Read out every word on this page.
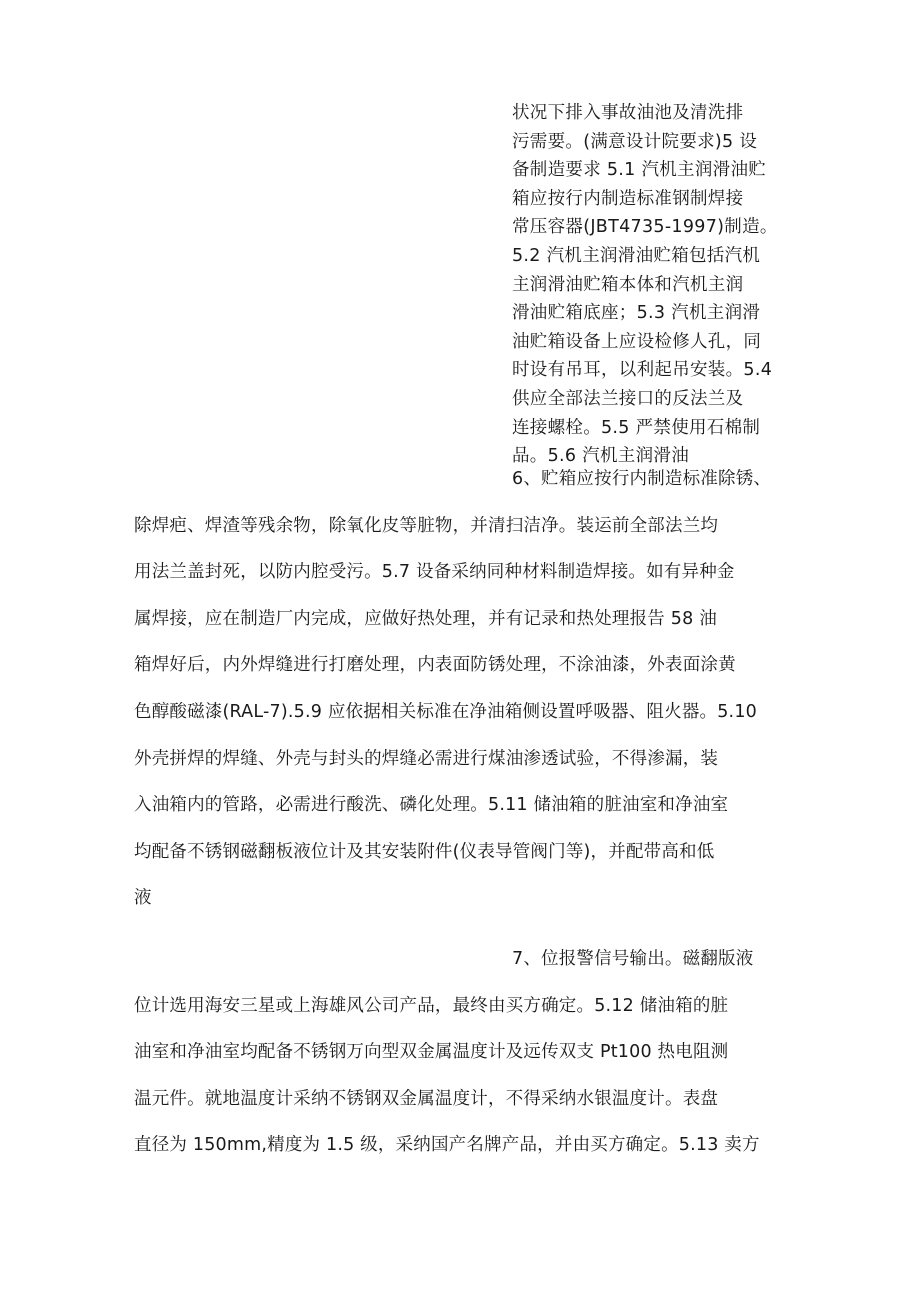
状况下排入事故油池及清洗排
污需要。(满意设计院要求)5 设
备制造要求 5.1 汽机主润滑油贮
箱应按行内制造标准钢制焊接
常压容器(JBT4735-1997)制造。
5.2 汽机主润滑油贮箱包括汽机
主润滑油贮箱本体和汽机主润
滑油贮箱底座；5.3 汽机主润滑
油贮箱设备上应设检修人孔，同
时设有吊耳，以利起吊安装。5.4
供应全部法兰接口的反法兰及
连接螺栓。5.5 严禁使用石棉制
品。5.6 汽机主润滑油
6、贮箱应按行内制造标准除锈、
除焊疤、焊渣等残余物，除氧化皮等脏物，并清扫洁净。装运前全部法兰均
用法兰盖封死，以防内腔受污。5.7 设备采纳同种材料制造焊接。如有异种金
属焊接，应在制造厂内完成，应做好热处理，并有记录和热处理报告 58 油
箱焊好后，内外焊缝进行打磨处理，内表面防锈处理，不涂油漆，外表面涂黄
色醇酸磁漆(RAL-7).5.9 应依据相关标准在净油箱侧设置呼吸器、阻火器。5.10
外壳拼焊的焊缝、外壳与封头的焊缝必需进行煤油渗透试验，不得渗漏，装
入油箱内的管路，必需进行酸洗、磷化处理。5.11 储油箱的脏油室和净油室
均配备不锈钢磁翻板液位计及其安装附件(仪表导管阀门等)，并配带高和低
液
7、位报警信号输出。磁翻版液
位计选用海安三星或上海雄风公司产品，最终由买方确定。5.12 储油箱的脏
油室和净油室均配备不锈钢万向型双金属温度计及远传双支 Pt100 热电阻测
温元件。就地温度计采纳不锈钢双金属温度计，不得采纳水银温度计。表盘
直径为 150mm,精度为 1.5 级，采纳国产名牌产品，并由买方确定。5.13 卖方
